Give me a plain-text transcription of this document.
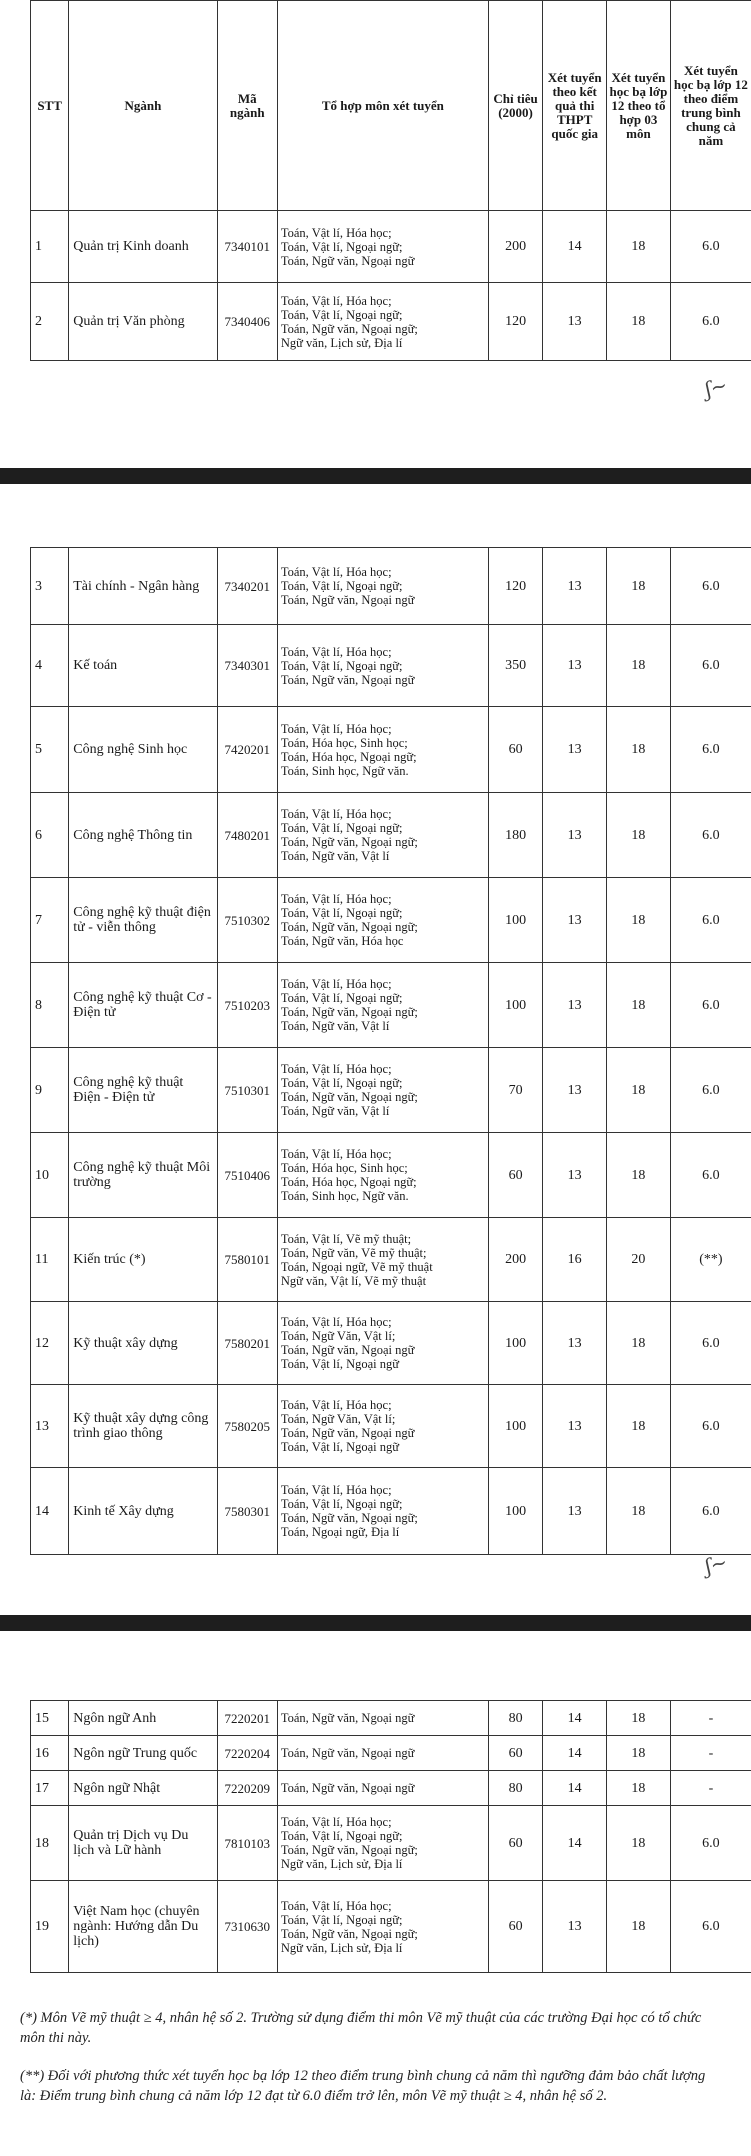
STT	Ngành	Mã ngành	Tổ hợp môn xét tuyển	Chỉ tiêu (2000)	Xét tuyển theo kết quả thi THPT quốc gia	Xét tuyển học bạ lớp 12 theo tổ hợp 03 môn	Xét tuyển học bạ lớp 12 theo điểm trung bình chung cả năm
1	Quản trị Kinh doanh	7340101	Toán, Vật lí, Hóa học;
Toán, Vật lí, Ngoại ngữ;
Toán, Ngữ văn, Ngoại ngữ	200	14	18	6.0
2	Quản trị Văn phòng	7340406	Toán, Vật lí, Hóa học;
Toán, Vật lí, Ngoại ngữ;
Toán, Ngữ văn, Ngoại ngữ;
Ngữ văn, Lịch sử, Địa lí	120	13	18	6.0
ʃ~
3	Tài chính - Ngân hàng	7340201	Toán, Vật lí, Hóa học;
Toán, Vật lí, Ngoại ngữ;
Toán, Ngữ văn, Ngoại ngữ	120	13	18	6.0
4	Kế toán	7340301	Toán, Vật lí, Hóa học;
Toán, Vật lí, Ngoại ngữ;
Toán, Ngữ văn, Ngoại ngữ	350	13	18	6.0
5	Công nghệ Sinh học	7420201	Toán, Vật lí, Hóa học;
Toán, Hóa học, Sinh học;
Toán, Hóa học, Ngoại ngữ;
Toán, Sinh học, Ngữ văn.	60	13	18	6.0
6	Công nghệ Thông tin	7480201	Toán, Vật lí, Hóa học;
Toán, Vật lí, Ngoại ngữ;
Toán, Ngữ văn, Ngoại ngữ;
Toán, Ngữ văn, Vật lí	180	13	18	6.0
7	Công nghệ kỹ thuật điện tử - viễn thông	7510302	Toán, Vật lí, Hóa học;
Toán, Vật lí, Ngoại ngữ;
Toán, Ngữ văn, Ngoại ngữ;
Toán, Ngữ văn, Hóa học	100	13	18	6.0
8	Công nghệ kỹ thuật Cơ - Điện tử	7510203	Toán, Vật lí, Hóa học;
Toán, Vật lí, Ngoại ngữ;
Toán, Ngữ văn, Ngoại ngữ;
Toán, Ngữ văn, Vật lí	100	13	18	6.0
9	Công nghệ kỹ thuật Điện - Điện tử	7510301	Toán, Vật lí, Hóa học;
Toán, Vật lí, Ngoại ngữ;
Toán, Ngữ văn, Ngoại ngữ;
Toán, Ngữ văn, Vật lí	70	13	18	6.0
10	Công nghệ kỹ thuật Môi trường	7510406	Toán, Vật lí, Hóa học;
Toán, Hóa học, Sinh học;
Toán, Hóa học, Ngoại ngữ;
Toán, Sinh học, Ngữ văn.	60	13	18	6.0
11	Kiến trúc (*)	7580101	Toán, Vật lí, Vẽ mỹ thuật;
Toán, Ngữ văn, Vẽ mỹ thuật;
Toán, Ngoại ngữ, Vẽ mỹ thuật
Ngữ văn, Vật lí, Vẽ mỹ thuật	200	16	20	(**)
12	Kỹ thuật xây dựng	7580201	Toán, Vật lí, Hóa học;
Toán, Ngữ Văn, Vật lí;
Toán, Ngữ văn, Ngoại ngữ
Toán, Vật lí, Ngoại ngữ	100	13	18	6.0
13	Kỹ thuật xây dựng công trình giao thông	7580205	Toán, Vật lí, Hóa học;
Toán, Ngữ Văn, Vật lí;
Toán, Ngữ văn, Ngoại ngữ
Toán, Vật lí, Ngoại ngữ	100	13	18	6.0
14	Kinh tế Xây dựng	7580301	Toán, Vật lí, Hóa học;
Toán, Vật lí, Ngoại ngữ;
Toán, Ngữ văn, Ngoại ngữ;
Toán, Ngoại ngữ, Địa lí	100	13	18	6.0
ʃ~
15	Ngôn ngữ Anh	7220201	Toán, Ngữ văn, Ngoại ngữ	80	14	18	-
16	Ngôn ngữ Trung quốc	7220204	Toán, Ngữ văn, Ngoại ngữ	60	14	18	-
17	Ngôn ngữ Nhật	7220209	Toán, Ngữ văn, Ngoại ngữ	80	14	18	-
18	Quản trị Dịch vụ Du lịch và Lữ hành	7810103	Toán, Vật lí, Hóa học;
Toán, Vật lí, Ngoại ngữ;
Toán, Ngữ văn, Ngoại ngữ;
Ngữ văn, Lịch sử, Địa lí	60	14	18	6.0
19	Việt Nam học (chuyên ngành: Hướng dẫn Du lịch)	7310630	Toán, Vật lí, Hóa học;
Toán, Vật lí, Ngoại ngữ;
Toán, Ngữ văn, Ngoại ngữ;
Ngữ văn, Lịch sử, Địa lí	60	13	18	6.0
(*) Môn Vẽ mỹ thuật ≥ 4, nhân hệ số 2. Trường sử dụng điểm thi môn Vẽ mỹ thuật của các trường Đại học có tổ chức môn thi này.
(**) Đối với phương thức xét tuyển học bạ lớp 12 theo điểm trung bình chung cả năm thì ngưỡng đảm bảo chất lượng là: Điểm trung bình chung cả năm lớp 12 đạt từ 6.0 điểm trở lên, môn Vẽ mỹ thuật ≥ 4, nhân hệ số 2.
